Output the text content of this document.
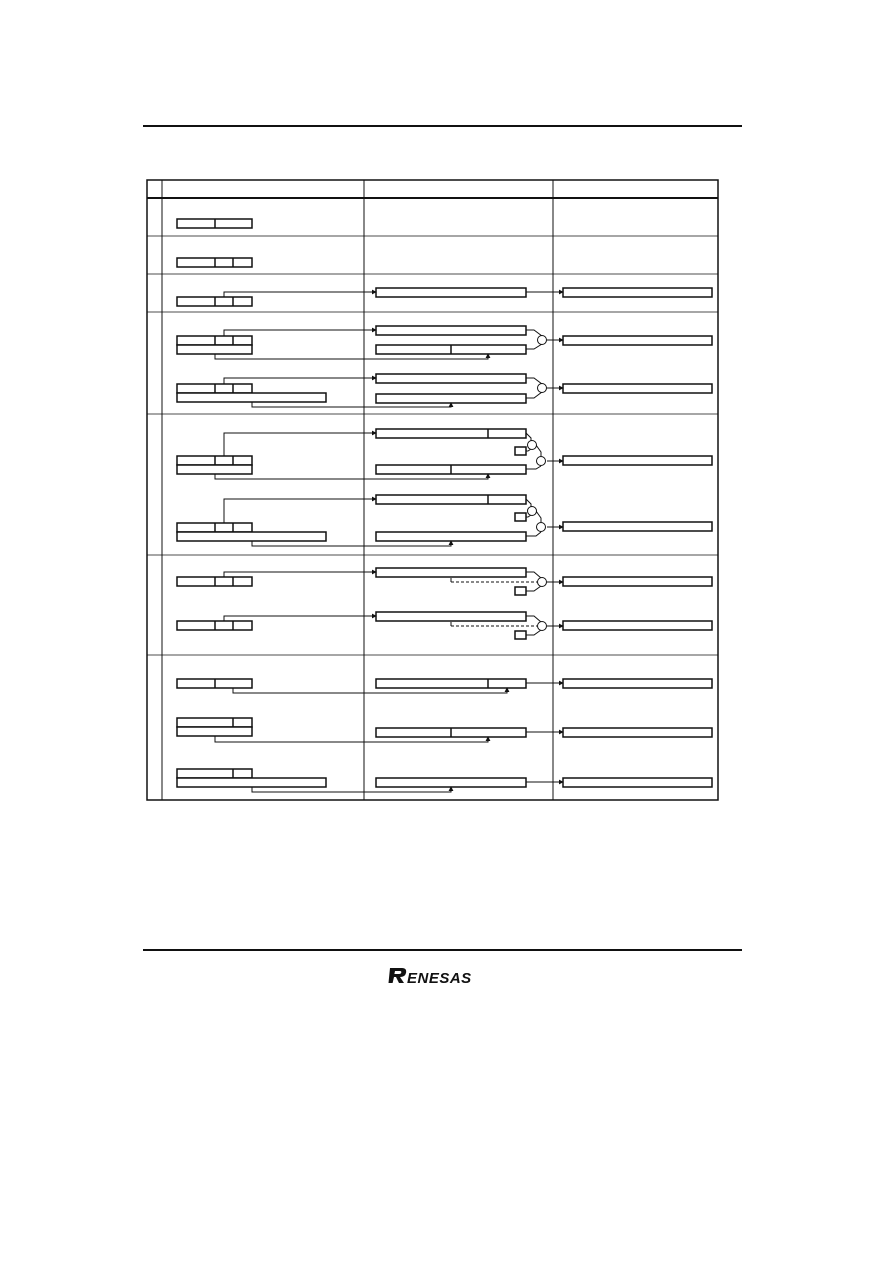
ENESAS
